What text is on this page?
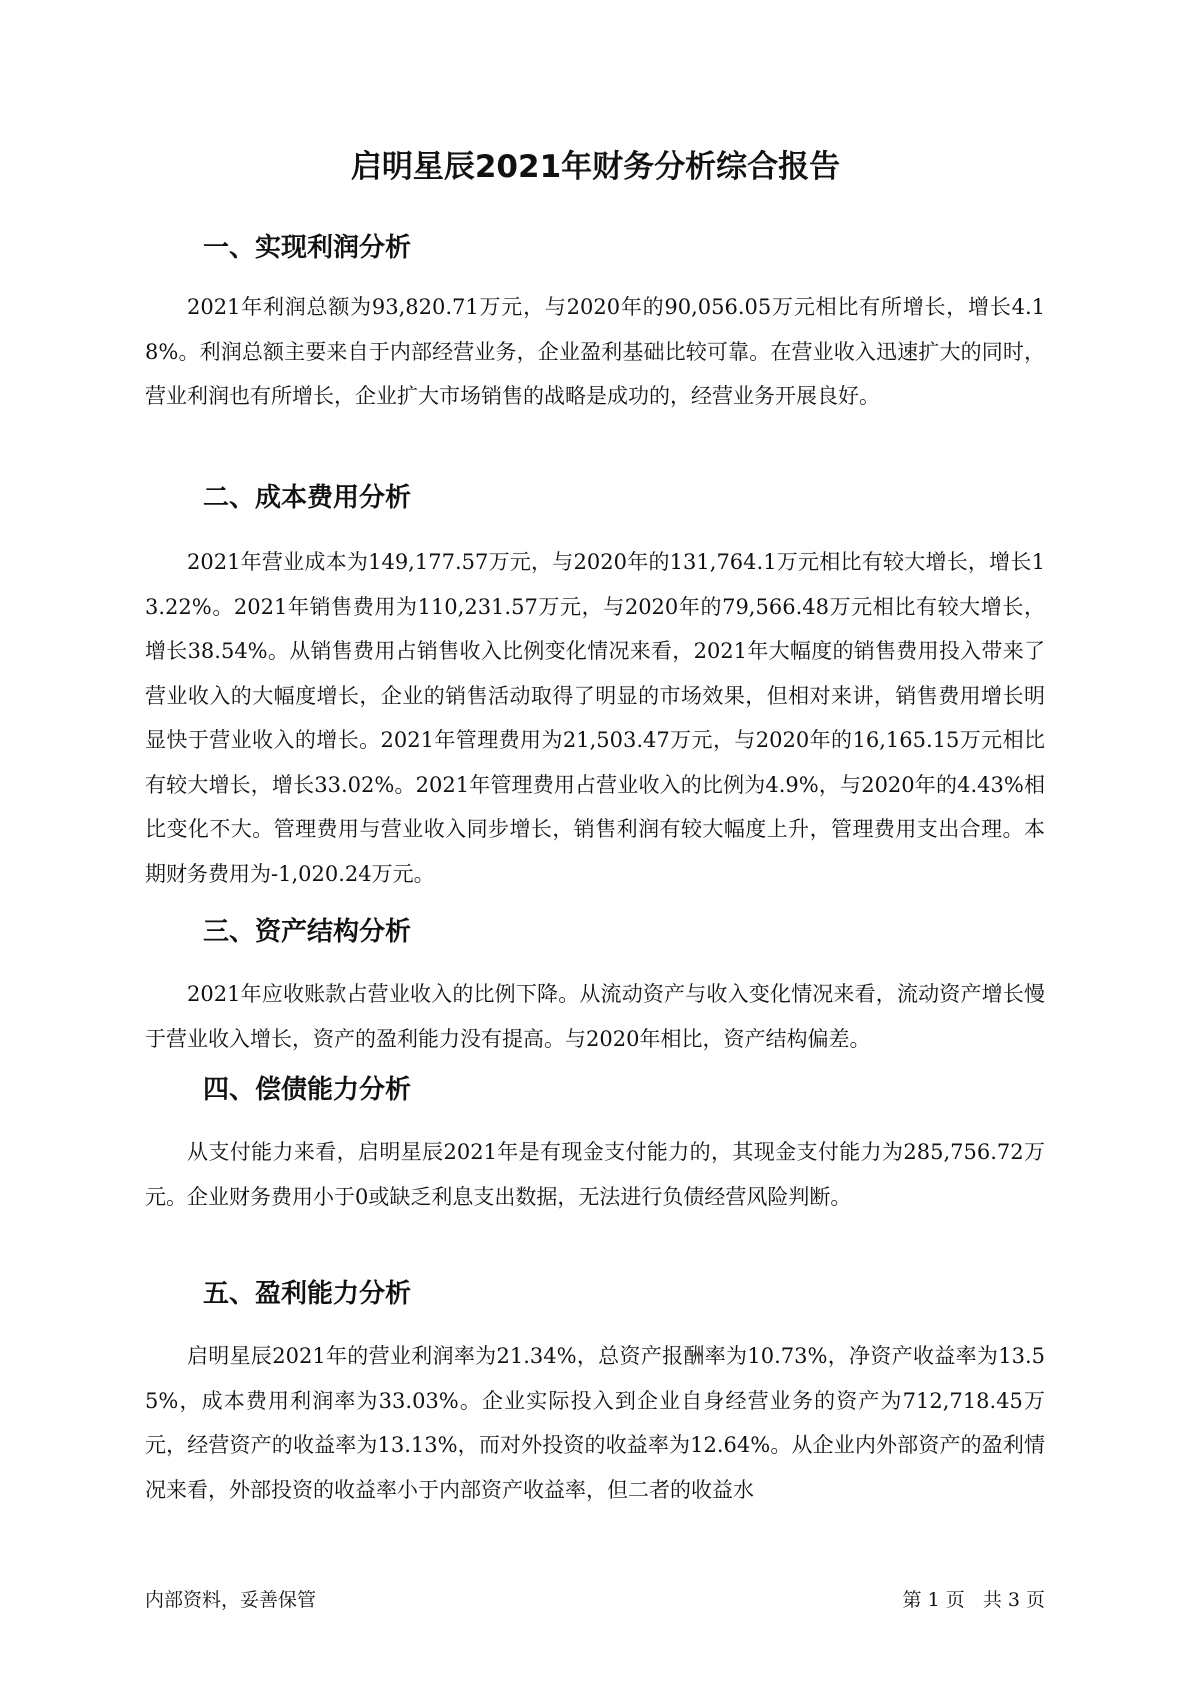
启明星辰2021年财务分析综合报告
一、实现利润分析

2021年利润总额为93,820.71万元，与2020年的90,056.05万元相比有所增长，增长4.18%。利润总额主要来自于内部经营业务，企业盈利基础比较可靠。在营业收入迅速扩大的同时，营业利润也有所增长，企业扩大市场销售的战略是成功的，经营业务开展良好。

二、成本费用分析

2021年营业成本为149,177.57万元，与2020年的131,764.1万元相比有较大增长，增长13.22%。2021年销售费用为110,231.57万元，与2020年的79,566.48万元相比有较大增长，增长38.54%。从销售费用占销售收入比例变化情况来看，2021年大幅度的销售费用投入带来了营业收入的大幅度增长，企业的销售活动取得了明显的市场效果，但相对来讲，销售费用增长明显快于营业收入的增长。2021年管理费用为21,503.47万元，与2020年的16,165.15万元相比有较大增长，增长33.02%。2021年管理费用占营业收入的比例为4.9%，与2020年的4.43%相比变化不大。管理费用与营业收入同步增长，销售利润有较大幅度上升，管理费用支出合理。本期财务费用为-1,020.24万元。

三、资产结构分析

2021年应收账款占营业收入的比例下降。从流动资产与收入变化情况来看，流动资产增长慢于营业收入增长，资产的盈利能力没有提高。与2020年相比，资产结构偏差。

四、偿债能力分析

从支付能力来看，启明星辰2021年是有现金支付能力的，其现金支付能力为285,756.72万元。企业财务费用小于0或缺乏利息支出数据，无法进行负债经营风险判断。

五、盈利能力分析

启明星辰2021年的营业利润率为21.34%，总资产报酬率为10.73%，净资产收益率为13.55%，成本费用利润率为33.03%。企业实际投入到企业自身经营业务的资产为712,718.45万元，经营资产的收益率为13.13%，而对外投资的收益率为12.64%。从企业内外部资产的盈利情况来看，外部投资的收益率小于内部资产收益率，但二者的收益水

内部资料，妥善保管	第 1 页   共 3 页
